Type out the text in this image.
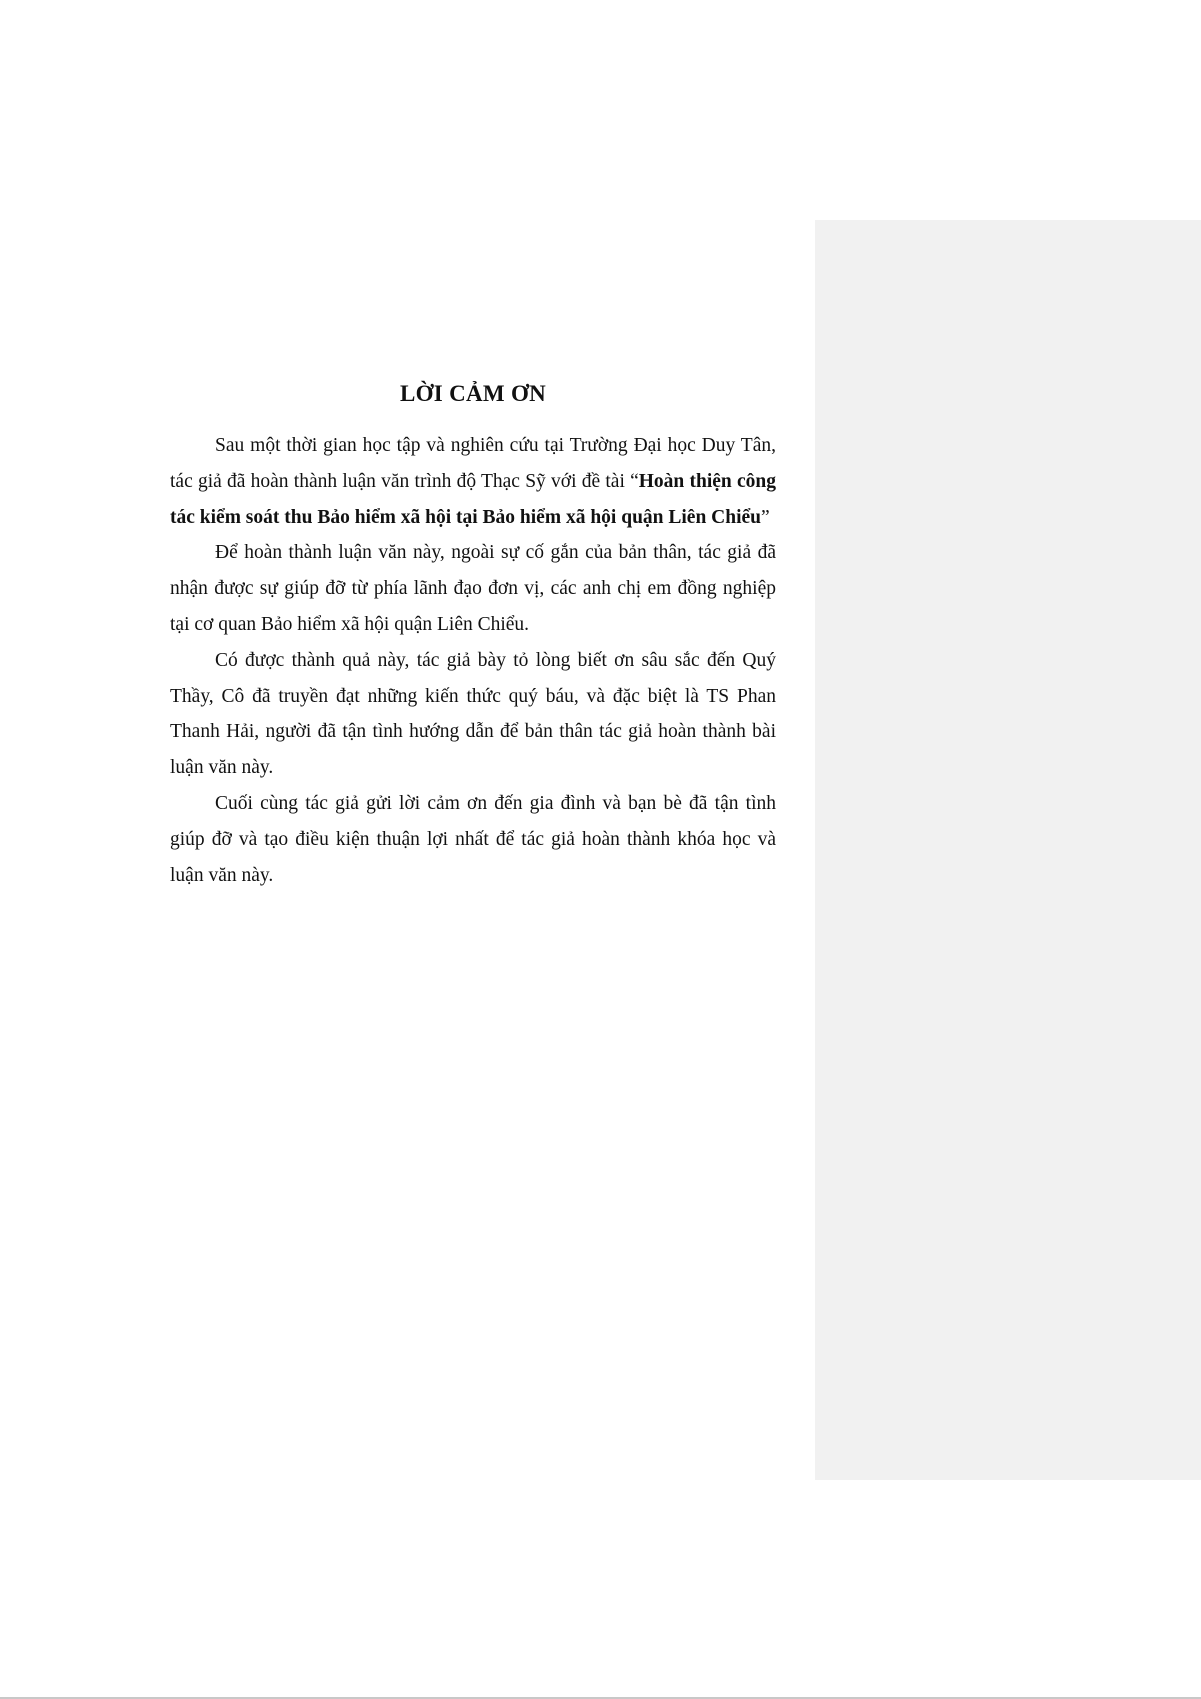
LỜI CẢM ƠN

Sau một thời gian học tập và nghiên cứu tại Trường Đại học Duy Tân, tác giả đã hoàn thành luận văn trình độ Thạc Sỹ với đề tài “Hoàn thiện công tác kiểm soát thu Bảo hiểm xã hội tại Bảo hiểm xã hội quận Liên Chiểu”

Để hoàn thành luận văn này, ngoài sự cố gắn của bản thân, tác giả đã nhận được sự giúp đỡ từ phía lãnh đạo đơn vị, các anh chị em đồng nghiệp tại cơ quan Bảo hiểm xã hội quận Liên Chiểu.

Có được thành quả này, tác giả bày tỏ lòng biết ơn sâu sắc đến Quý Thầy, Cô đã truyền đạt những kiến thức quý báu, và đặc biệt là TS Phan Thanh Hải, người đã tận tình hướng dẫn để bản thân tác giả hoàn thành bài luận văn này.

Cuối cùng tác giả gửi lời cảm ơn đến gia đình và bạn bè đã tận tình giúp đỡ và tạo điều kiện thuận lợi nhất để tác giả hoàn thành khóa học và luận văn này.
